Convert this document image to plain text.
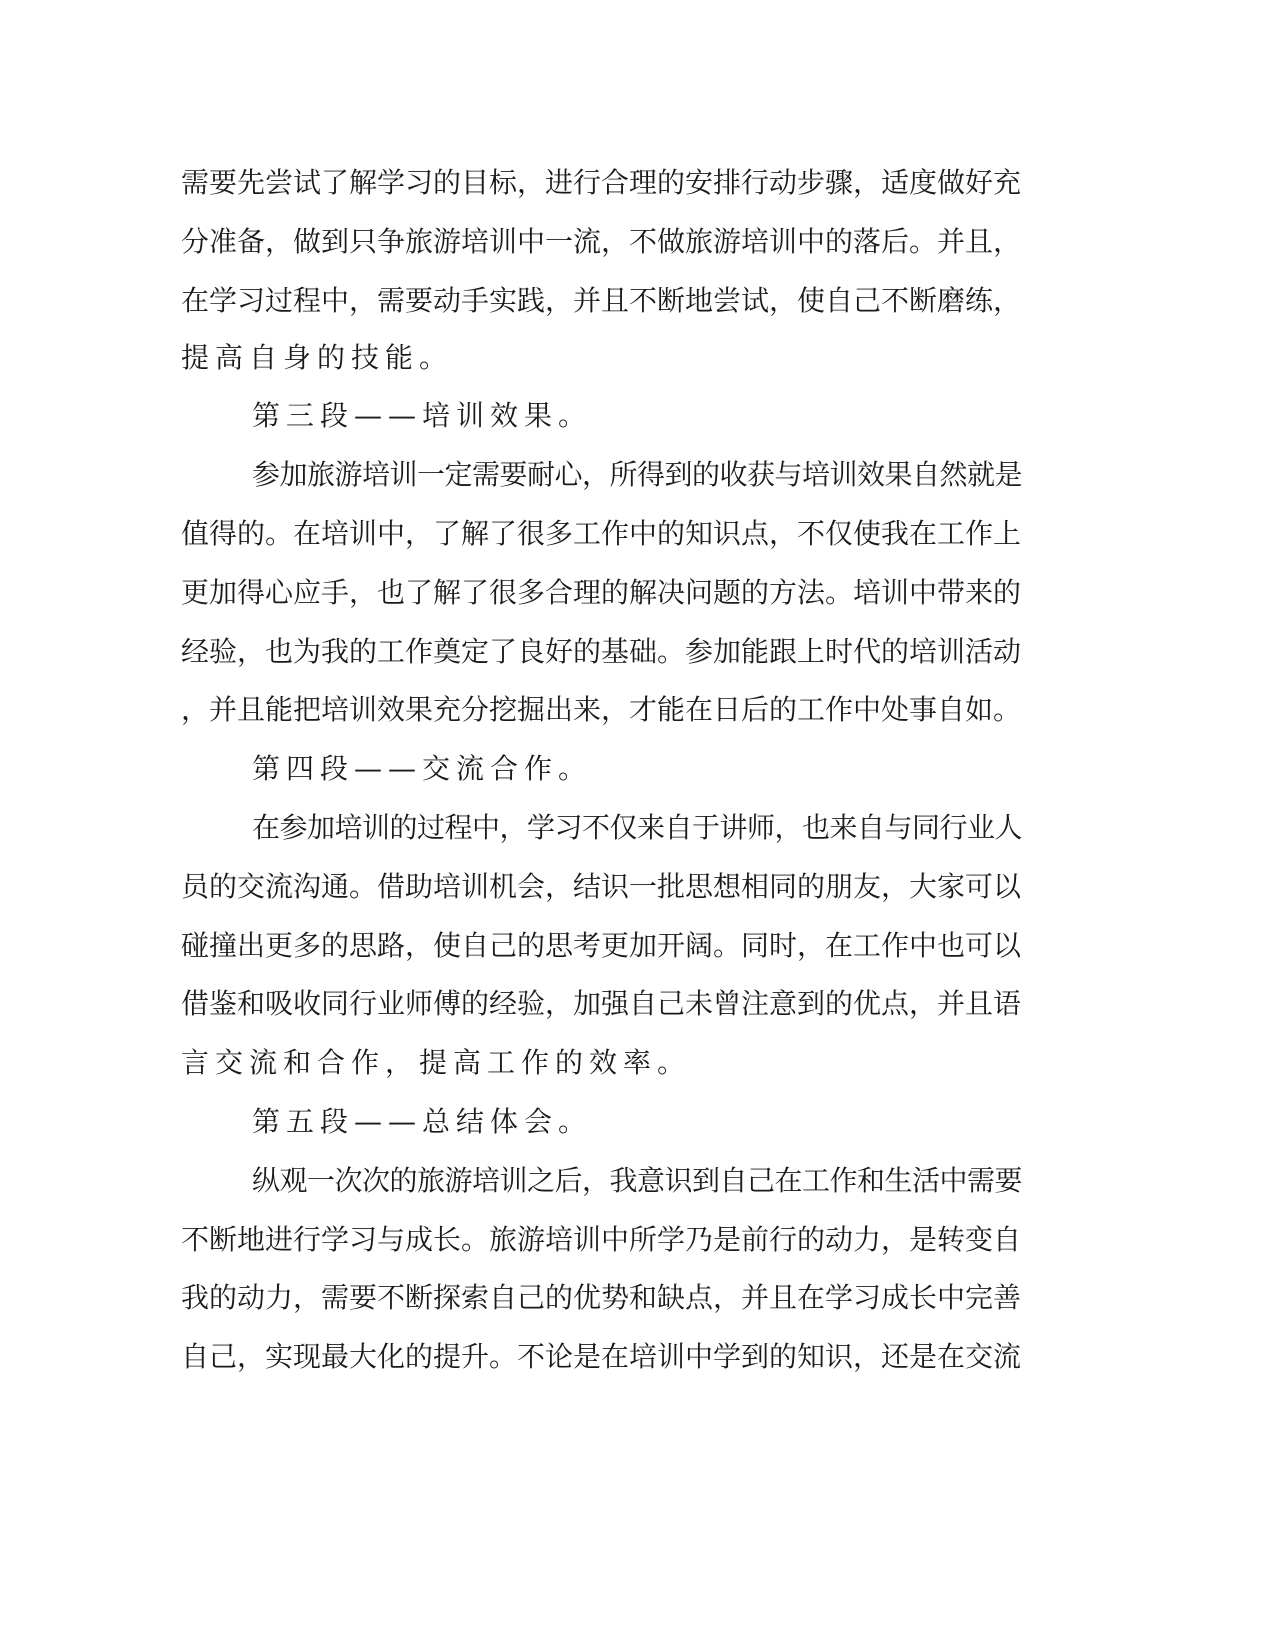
需要先尝试了解学习的目标，进行合理的安排行动步骤，适度做好充
分准备，做到只争旅游培训中一流，不做旅游培训中的落后。并且，
在学习过程中，需要动手实践，并且不断地尝试，使自己不断磨练，
提高自身的技能。
第三段——培训效果。
参加旅游培训一定需要耐心，所得到的收获与培训效果自然就是
值得的。在培训中，了解了很多工作中的知识点，不仅使我在工作上
更加得心应手，也了解了很多合理的解决问题的方法。培训中带来的
经验，也为我的工作奠定了良好的基础。参加能跟上时代的培训活动
，并且能把培训效果充分挖掘出来，才能在日后的工作中处事自如。
第四段——交流合作。
在参加培训的过程中，学习不仅来自于讲师，也来自与同行业人
员的交流沟通。借助培训机会，结识一批思想相同的朋友，大家可以
碰撞出更多的思路，使自己的思考更加开阔。同时，在工作中也可以
借鉴和吸收同行业师傅的经验，加强自己未曾注意到的优点，并且语
言交流和合作，提高工作的效率。
第五段——总结体会。
纵观一次次的旅游培训之后，我意识到自己在工作和生活中需要
不断地进行学习与成长。旅游培训中所学乃是前行的动力，是转变自
我的动力，需要不断探索自己的优势和缺点，并且在学习成长中完善
自己，实现最大化的提升。不论是在培训中学到的知识，还是在交流
